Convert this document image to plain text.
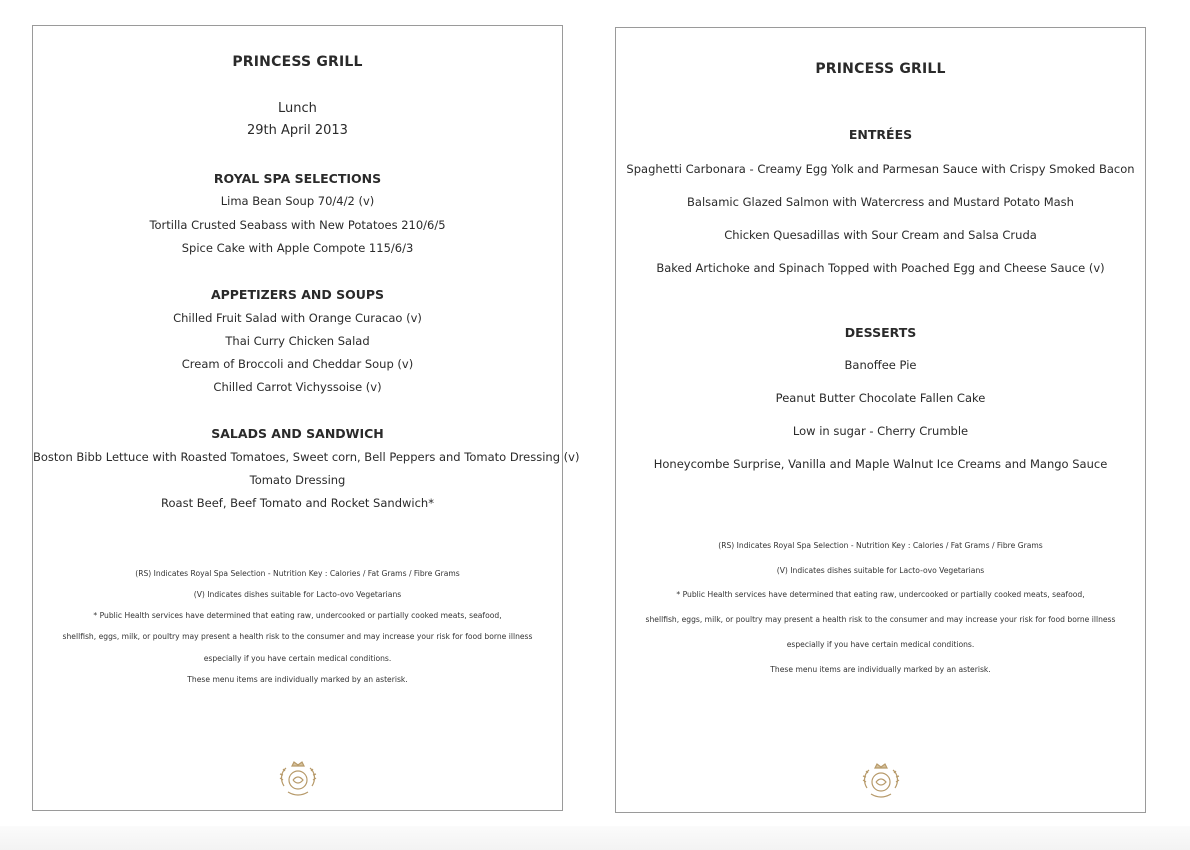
PRINCESS GRILL
Lunch
29th April 2013
ROYAL SPA SELECTIONS
Lima Bean Soup 70/4/2 (v)
Tortilla Crusted Seabass with New Potatoes 210/6/5
Spice Cake with Apple Compote 115/6/3
APPETIZERS AND SOUPS
Chilled Fruit Salad with Orange Curacao (v)
Thai Curry Chicken Salad
Cream of Broccoli and Cheddar Soup (v)
Chilled Carrot Vichyssoise (v)
SALADS AND SANDWICH
Boston Bibb Lettuce with Roasted Tomatoes, Sweet corn, Bell Peppers and Tomato Dressing (v)
Tomato Dressing
Roast Beef, Beef Tomato and Rocket Sandwich*
(RS) Indicates Royal Spa Selection - Nutrition Key : Calories / Fat Grams / Fibre Grams
(V) Indicates dishes suitable for Lacto-ovo Vegetarians
* Public Health services have determined that eating raw, undercooked or partially cooked meats, seafood,
shellfish, eggs, milk, or poultry may present a health risk to the consumer and may increase your risk for food borne illness
especially if you have certain medical conditions.
These menu items are individually marked by an asterisk.
PRINCESS GRILL
ENTRÉES
Spaghetti Carbonara - Creamy Egg Yolk and Parmesan Sauce with Crispy Smoked Bacon
Balsamic Glazed Salmon with Watercress and Mustard Potato Mash
Chicken Quesadillas with Sour Cream and Salsa Cruda
Baked Artichoke and Spinach Topped with Poached Egg and Cheese Sauce (v)
DESSERTS
Banoffee Pie
Peanut Butter Chocolate Fallen Cake
Low in sugar - Cherry Crumble
Honeycombe Surprise, Vanilla and Maple Walnut Ice Creams and Mango Sauce
(RS) Indicates Royal Spa Selection - Nutrition Key : Calories / Fat Grams / Fibre Grams
(V) Indicates dishes suitable for Lacto-ovo Vegetarians
* Public Health services have determined that eating raw, undercooked or partially cooked meats, seafood,
shellfish, eggs, milk, or poultry may present a health risk to the consumer and may increase your risk for food borne illness
especially if you have certain medical conditions.
These menu items are individually marked by an asterisk.
